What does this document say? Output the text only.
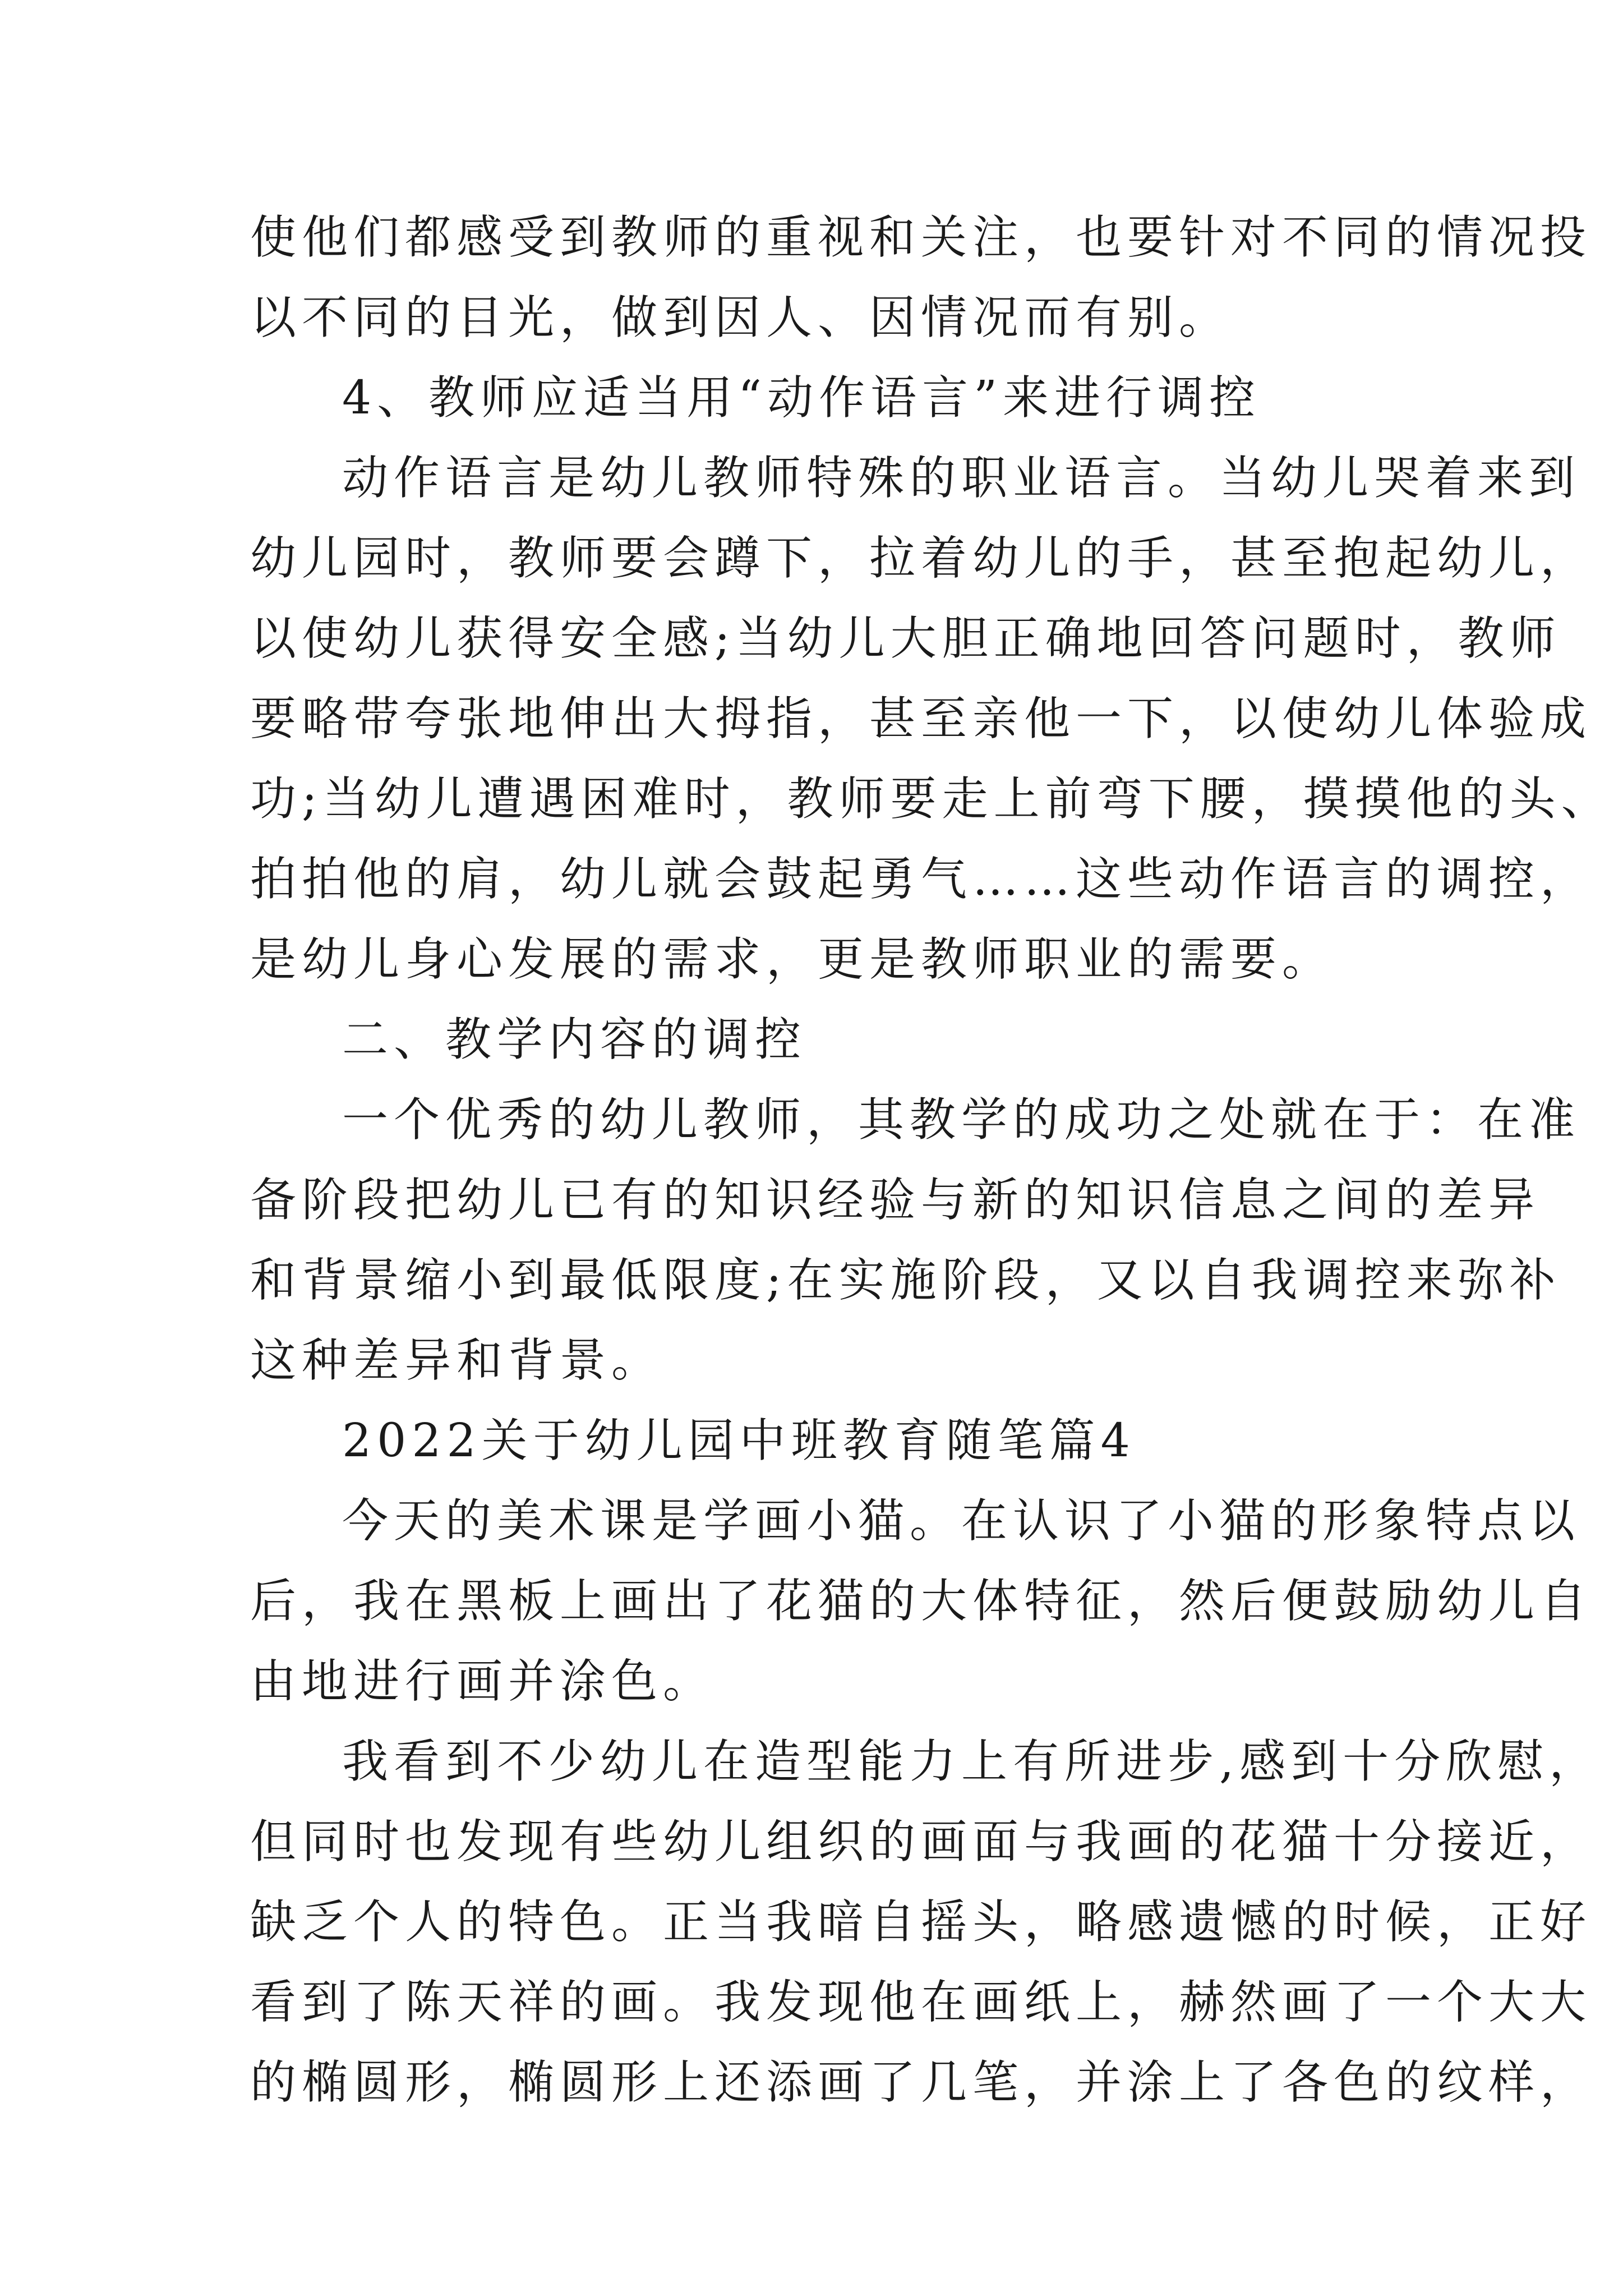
使他们都感受到教师的重视和关注，也要针对不同的情况投
以不同的目光，做到因人、因情况而有别。
4、教师应适当用“动作语言”来进行调控
动作语言是幼儿教师特殊的职业语言。当幼儿哭着来到
幼儿园时，教师要会蹲下，拉着幼儿的手，甚至抱起幼儿，
以使幼儿获得安全感;当幼儿大胆正确地回答问题时，教师
要略带夸张地伸出大拇指，甚至亲他一下，以使幼儿体验成
功;当幼儿遭遇困难时，教师要走上前弯下腰，摸摸他的头、
拍拍他的肩，幼儿就会鼓起勇气……这些动作语言的调控，
是幼儿身心发展的需求，更是教师职业的需要。
二、教学内容的调控
一个优秀的幼儿教师，其教学的成功之处就在于：在准
备阶段把幼儿已有的知识经验与新的知识信息之间的差异
和背景缩小到最低限度;在实施阶段，又以自我调控来弥补
这种差异和背景。
2022关于幼儿园中班教育随笔篇4
今天的美术课是学画小猫。在认识了小猫的形象特点以
后，我在黑板上画出了花猫的大体特征，然后便鼓励幼儿自
由地进行画并涂色。
我看到不少幼儿在造型能力上有所进步,感到十分欣慰，
但同时也发现有些幼儿组织的画面与我画的花猫十分接近，
缺乏个人的特色。正当我暗自摇头，略感遗憾的时候，正好
看到了陈天祥的画。我发现他在画纸上，赫然画了一个大大
的椭圆形，椭圆形上还添画了几笔，并涂上了各色的纹样，
